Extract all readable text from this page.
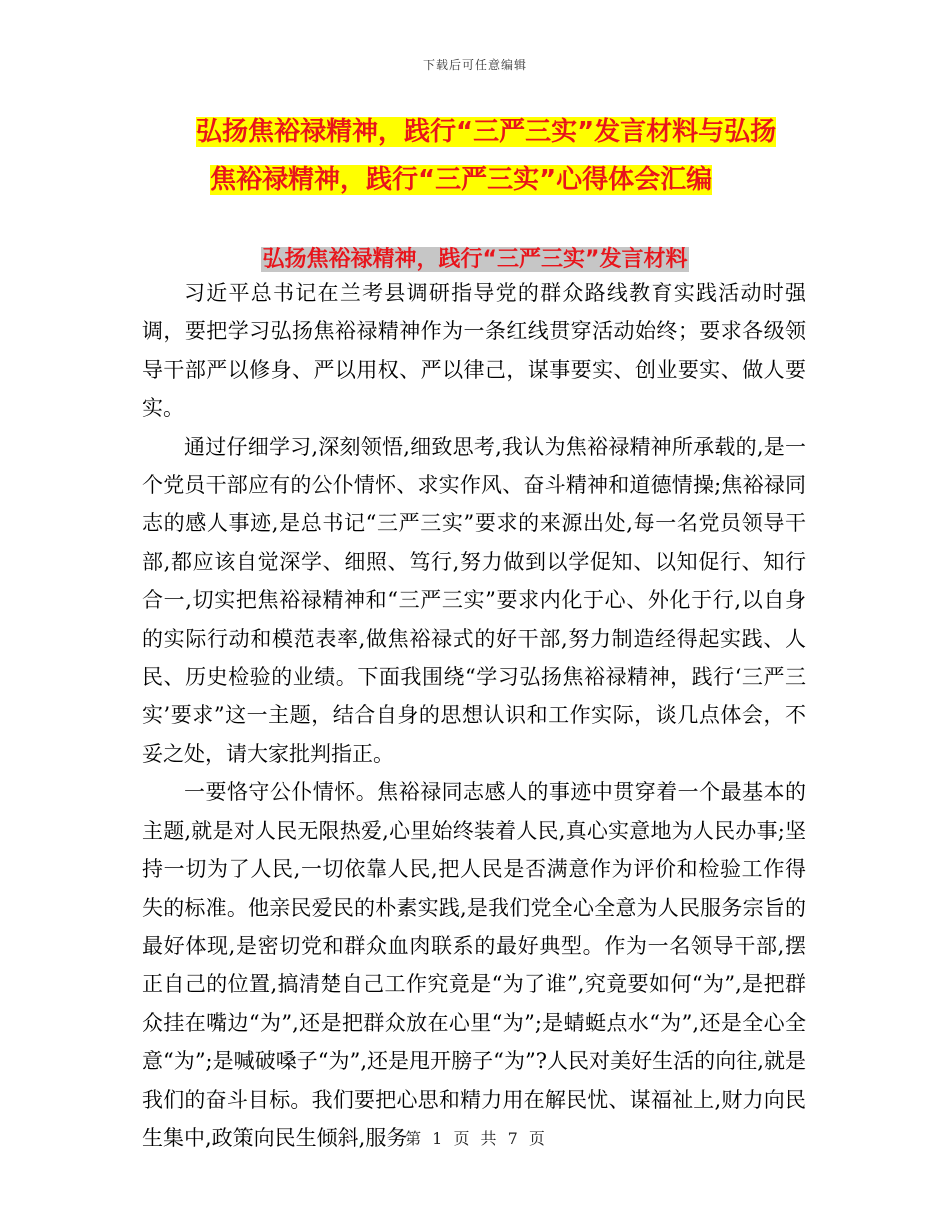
下载后可任意编辑
弘扬焦裕禄精神，践行“三严三实”发言材料与弘扬
焦裕禄精神，践行“三严三实”心得体会汇编
弘扬焦裕禄精神，践行“三严三实”发言材料

习近平总书记在兰考县调研指导党的群众路线教育实践活动时强调，要把学习弘扬焦裕禄精神作为一条红线贯穿活动始终；要求各级领导干部严以修身、严以用权、严以律己，谋事要实、创业要实、做人要实。

通过仔细学习,深刻领悟,细致思考,我认为焦裕禄精神所承载的,是一个党员干部应有的公仆情怀、求实作风、奋斗精神和道德情操;焦裕禄同志的感人事迹,是总书记“三严三实”要求的来源出处,每一名党员领导干部,都应该自觉深学、细照、笃行,努力做到以学促知、以知促行、知行合一,切实把焦裕禄精神和“三严三实”要求内化于心、外化于行,以自身的实际行动和模范表率,做焦裕禄式的好干部,努力制造经得起实践、人民、历史检验的业绩。下面我围绕“学习弘扬焦裕禄精神，践行‘三严三实’要求”这一主题，结合自身的思想认识和工作实际，谈几点体会，不妥之处，请大家批判指正。

一要恪守公仆情怀。焦裕禄同志感人的事迹中贯穿着一个最基本的主题,就是对人民无限热爱,心里始终装着人民,真心实意地为人民办事;坚持一切为了人民,一切依靠人民,把人民是否满意作为评价和检验工作得失的标准。他亲民爱民的朴素实践,是我们党全心全意为人民服务宗旨的最好体现,是密切党和群众血肉联系的最好典型。作为一名领导干部,摆正自己的位置,搞清楚自己工作究竟是“为了谁”,究竟要如何“为”,是把群众挂在嘴边“为”,还是把群众放在心里“为”;是蜻蜓点水“为”,还是全心全意“为”;是喊破嗓子“为”,还是甩开膀子“为”?人民对美好生活的向往,就是我们的奋斗目标。我们要把心思和精力用在解民忧、谋福祉上,财力向民生集中,政策向民生倾斜,服务

第 1 页 共 7 页
